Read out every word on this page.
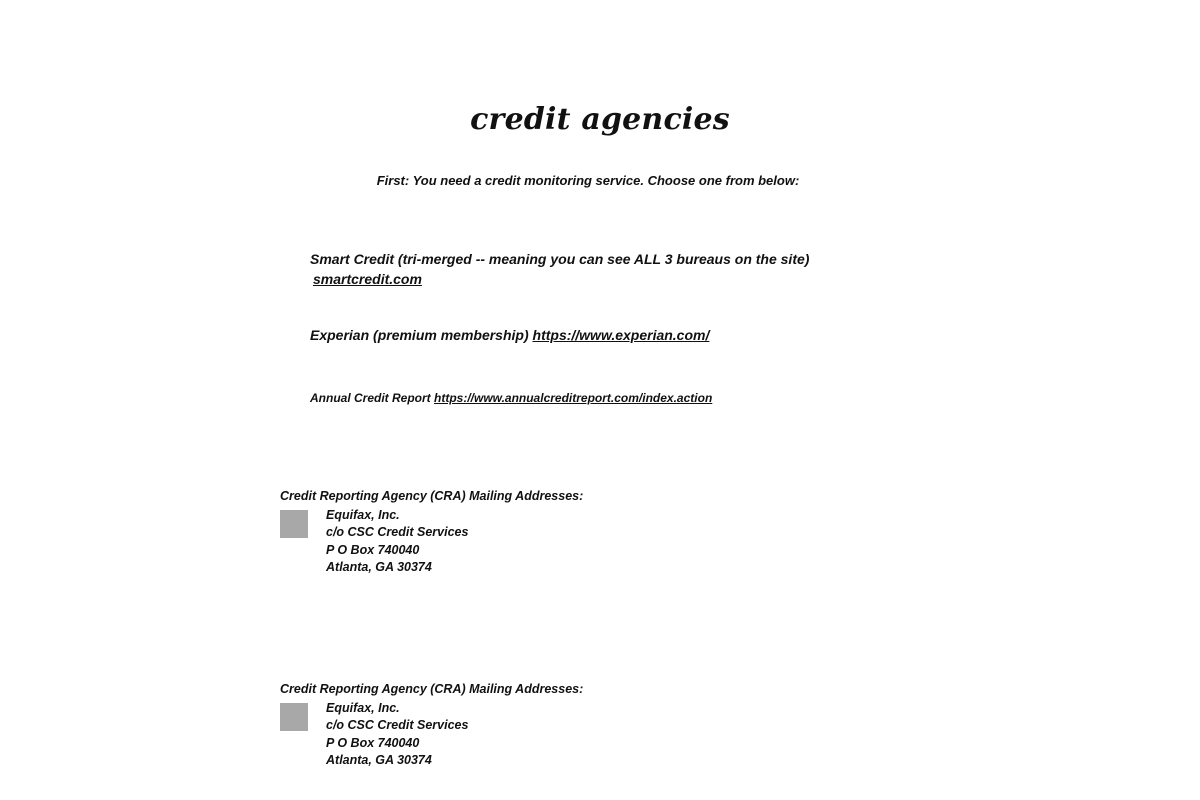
credit agencies
First: You need a credit monitoring service. Choose one from below:
Smart Credit (tri-merged -- meaning you can see ALL 3 bureaus on the site)
smartcredit.com
Experian (premium membership) https://www.experian.com/
Annual Credit Report https://www.annualcreditreport.com/index.action
Credit Reporting Agency (CRA) Mailing Addresses:
Equifax, Inc.
c/o CSC Credit Services
P O Box 740040
Atlanta, GA 30374
Credit Reporting Agency (CRA) Mailing Addresses:
Equifax, Inc.
c/o CSC Credit Services
P O Box 740040
Atlanta, GA 30374
